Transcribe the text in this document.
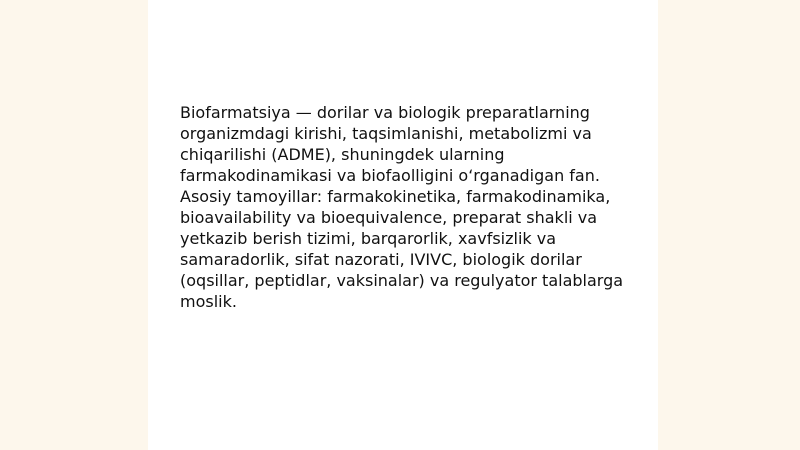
Biofarmatsiya — dorilar va biologik preparatlarning organizmdagi kirishi, taqsimlanishi, metabolizmi va chiqarilishi (ADME), shuningdek ularning farmakodinamikasi va biofaolligini o‘rganadigan fan. Asosiy tamoyillar: farmakokinetika, farmakodinamika, bioavailability va bioequivalence, preparat shakli va yetkazib berish tizimi, barqarorlik, xavfsizlik va samaradorlik, sifat nazorati, IVIVC, biologik dorilar (oqsillar, peptidlar, vaksinalar) va regulyator talablarga moslik.
